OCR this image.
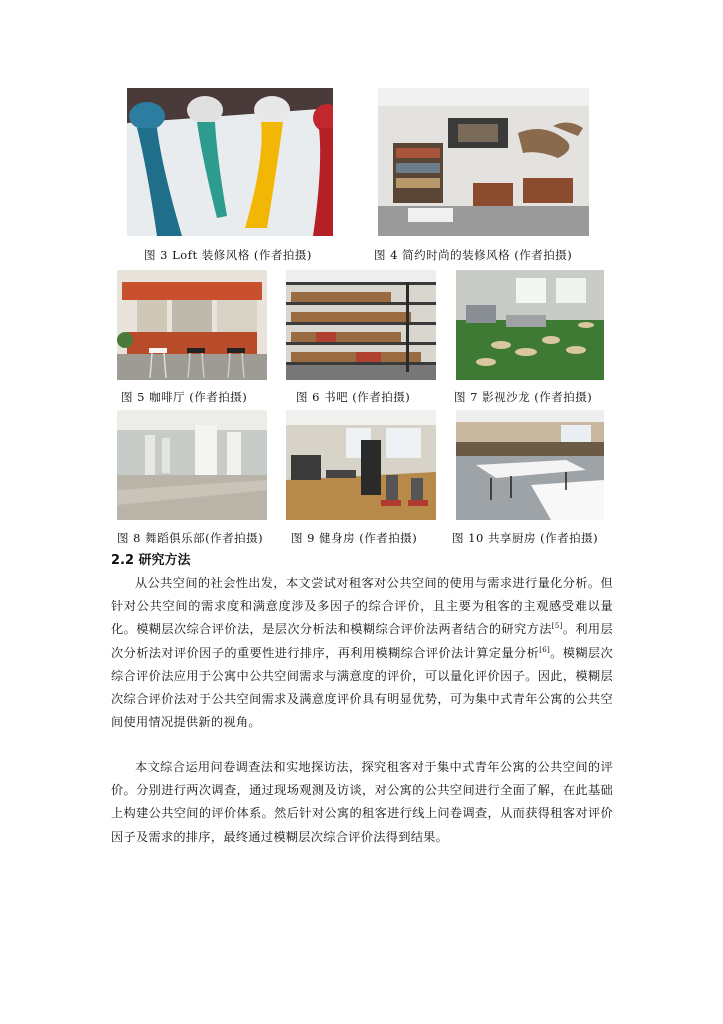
图 3 Loft 装修风格 (作者拍摄)	图 4 简约时尚的装修风格 (作者拍摄)
图 5 咖啡厅 (作者拍摄)	图 6 书吧 (作者拍摄)	图 7 影视沙龙 (作者拍摄)
图 8 舞蹈俱乐部(作者拍摄) 图 9 健身房 (作者拍摄)	图 10 共享厨房 (作者拍摄)
2.2 研究方法

从公共空间的社会性出发，本文尝试对租客对公共空间的使用与需求进行量化分析。但针对公共空间的需求度和满意度涉及多因子的综合评价，且主要为租客的主观感受难以量化。模糊层次综合评价法，是层次分析法和模糊综合评价法两者结合的研究方法[5]。利用层次分析法对评价因子的重要性进行排序，再利用模糊综合评价法计算定量分析[6]。模糊层次综合评价法应用于公寓中公共空间需求与满意度的评价，可以量化评价因子。因此，模糊层次综合评价法对于公共空间需求及满意度评价具有明显优势，可为集中式青年公寓的公共空间使用情况提供新的视角。

本文综合运用问卷调查法和实地探访法，探究租客对于集中式青年公寓的公共空间的评价。分别进行两次调查，通过现场观测及访谈，对公寓的公共空间进行全面了解，在此基础上构建公共空间的评价体系。然后针对公寓的租客进行线上问卷调查，从而获得租客对评价因子及需求的排序，最终通过模糊层次综合评价法得到结果。
